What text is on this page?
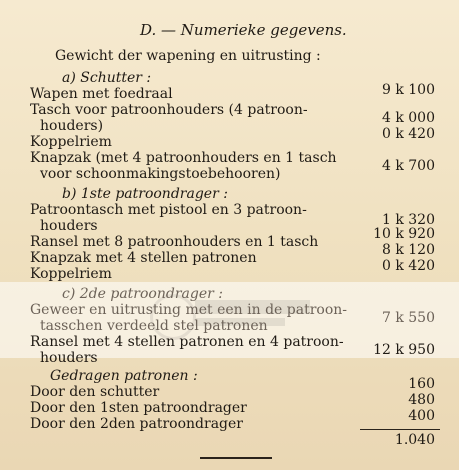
D. — Numerieke gegevens.
Gewicht der wapening en uitrusting :
a) Schutter :
Wapen met foedraal	9 k 100
Tasch voor patroonhouders (4 patroon-
houders)	4 k 000
Koppelriem	0 k 420
Knapzak (met 4 patroonhouders en 1 tasch
voor schoonmakingstoebehooren)	4 k 700
b) 1ste patroondrager :
Patroontasch met pistool en 3 patroon-
houders	1 k 320
Ransel met 8 patroonhouders en 1 tasch	10 k 920
Knapzak met 4 stellen patronen	8 k 120
Koppelriem	0 k 420
c) 2de patroondrager :
Geweer en uitrusting met een in de patroon-
tasschen verdeeld stel patronen	7 k 550
Ransel met 4 stellen patronen en 4 patroon-
houders	12 k 950
Gedragen patronen :
Door den schutter	160
Door den 1sten patroondrager	480
Door den 2den patroondrager	400
1.040
